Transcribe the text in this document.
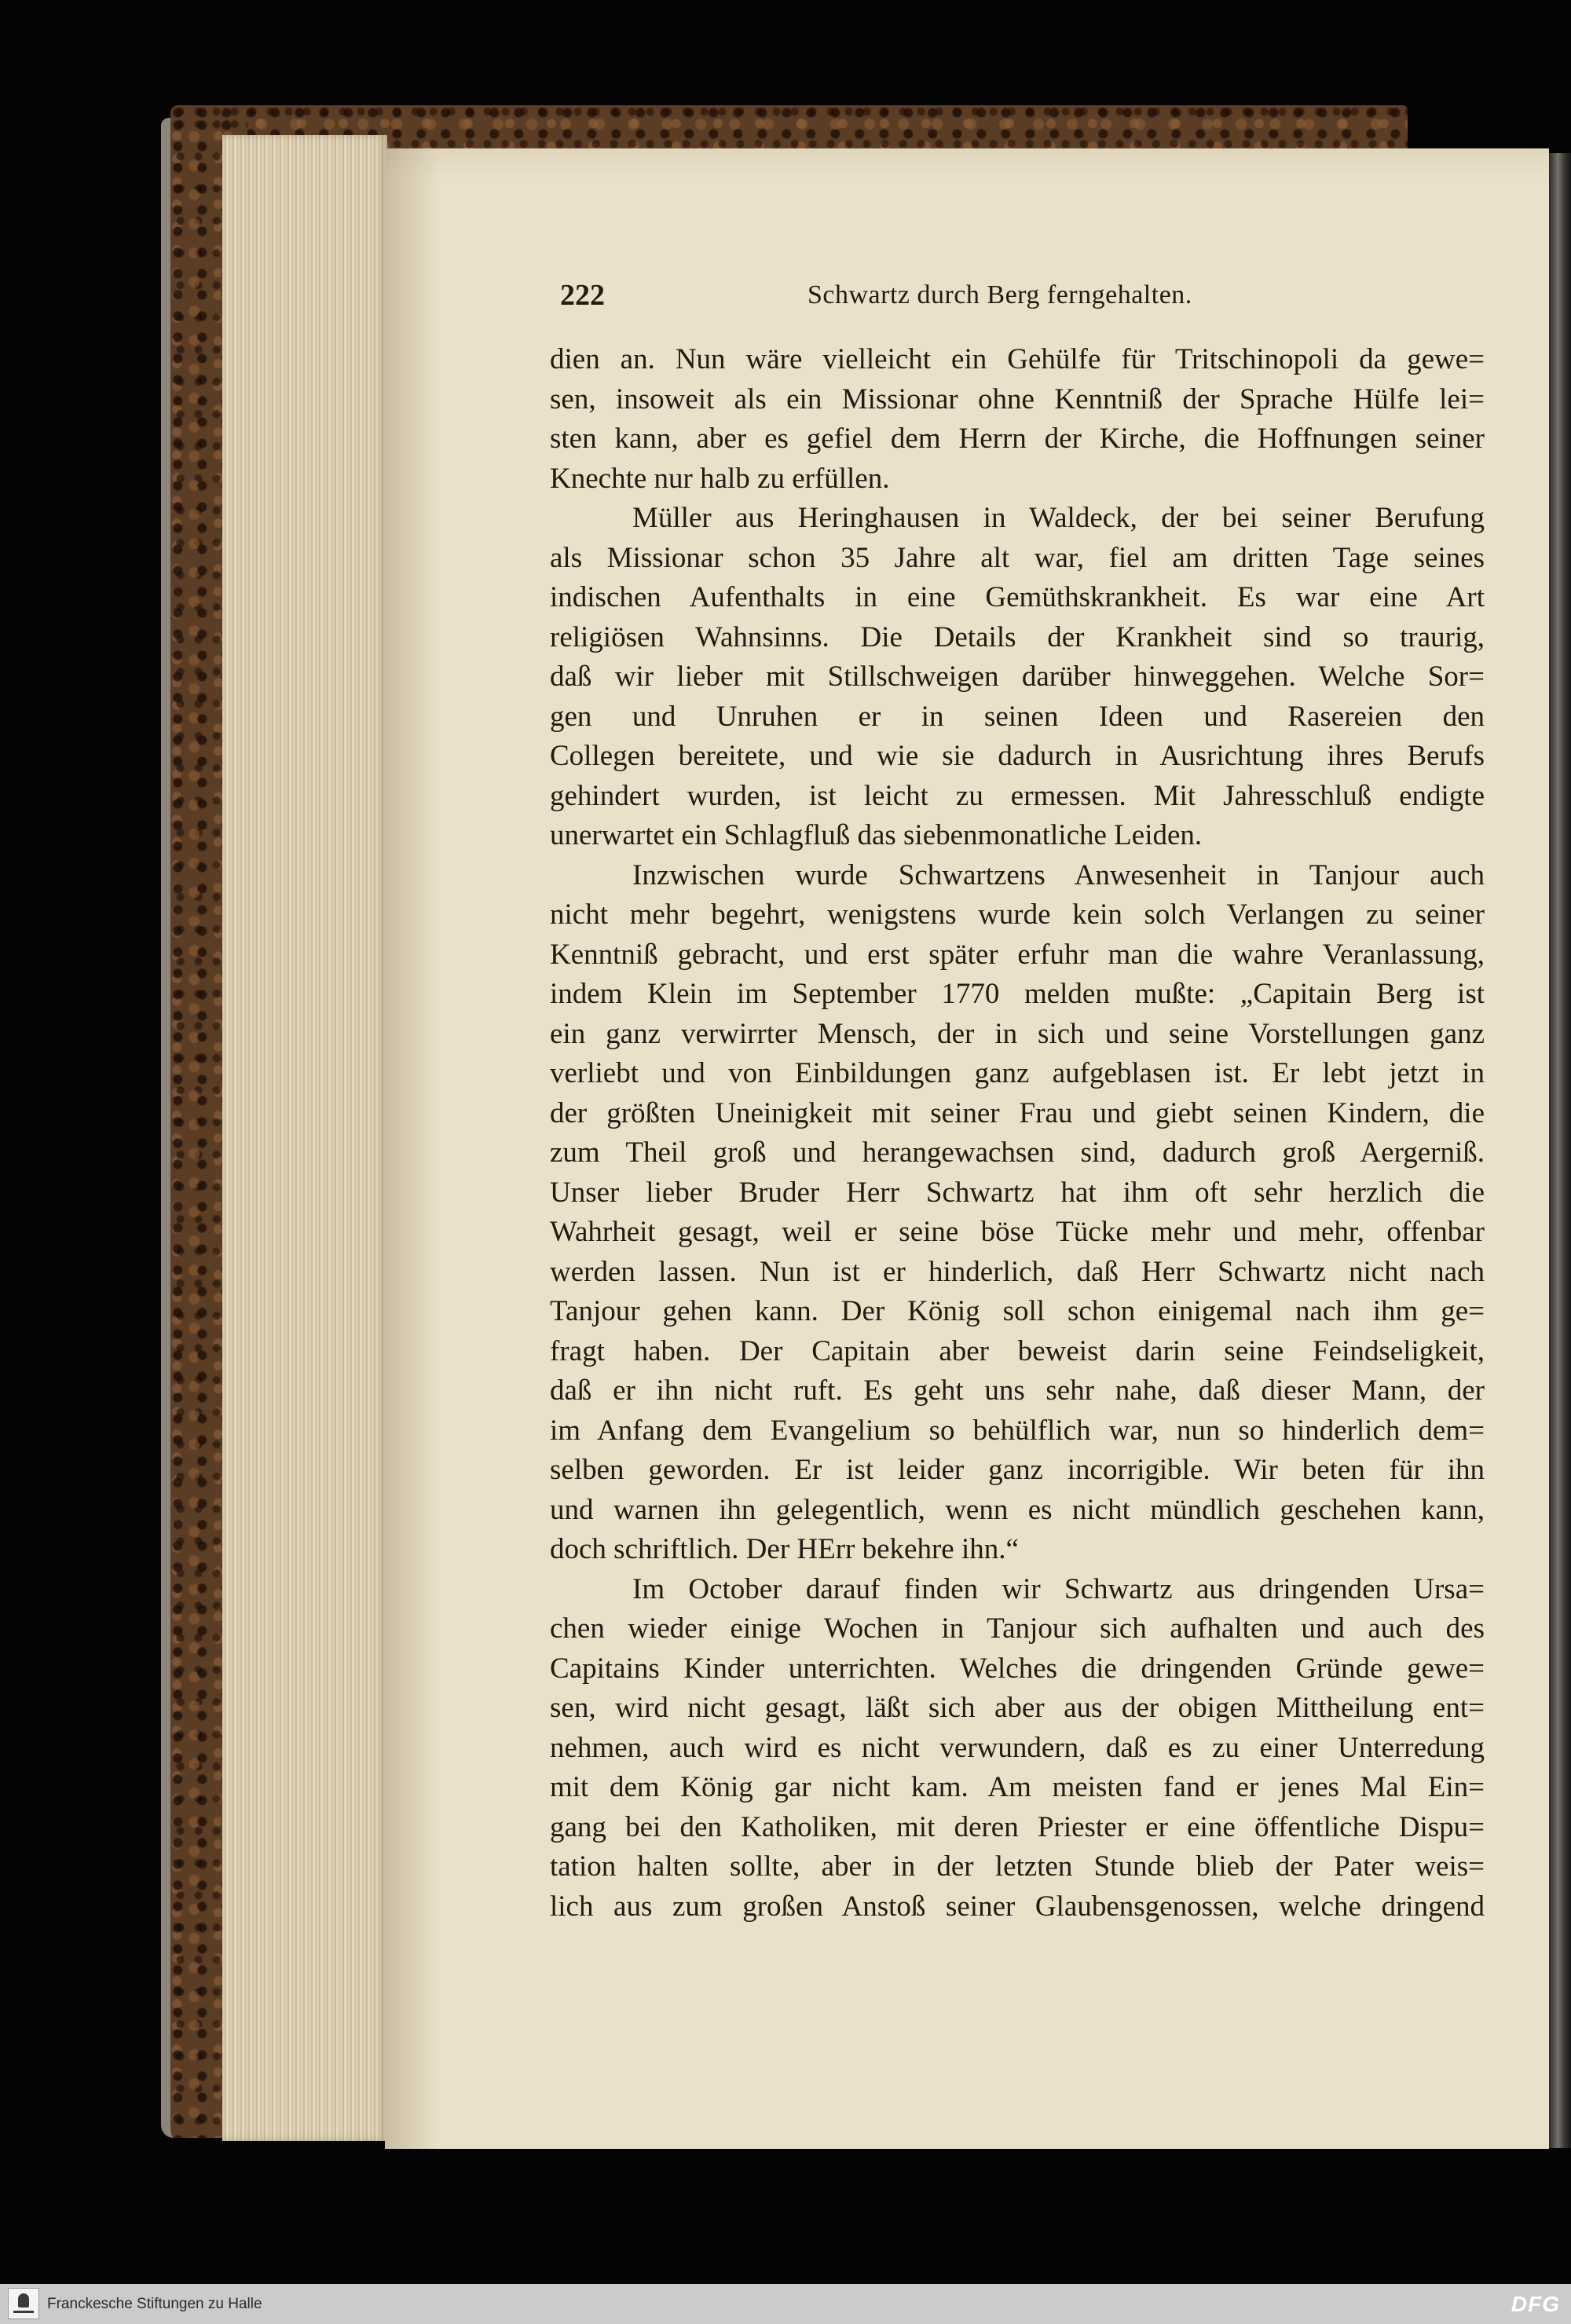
222	Schwartz durch Berg ferngehalten.
dien an. Nun wäre vielleicht ein Gehülfe für Tritschinopoli da gewe=
sen, insoweit als ein Missionar ohne Kenntniß der Sprache Hülfe lei=
sten kann, aber es gefiel dem Herrn der Kirche, die Hoffnungen seiner
Knechte nur halb zu erfüllen.
Müller aus Heringhausen in Waldeck, der bei seiner Berufung
als Missionar schon 35 Jahre alt war, fiel am dritten Tage seines
indischen Aufenthalts in eine Gemüthskrankheit. Es war eine Art
religiösen Wahnsinns. Die Details der Krankheit sind so traurig,
daß wir lieber mit Stillschweigen darüber hinweggehen. Welche Sor=
gen und Unruhen er in seinen Ideen und Rasereien den
Collegen bereitete, und wie sie dadurch in Ausrichtung ihres Berufs
gehindert wurden, ist leicht zu ermessen. Mit Jahresschluß endigte
unerwartet ein Schlagfluß das siebenmonatliche Leiden.
Inzwischen wurde Schwartzens Anwesenheit in Tanjour auch
nicht mehr begehrt, wenigstens wurde kein solch Verlangen zu seiner
Kenntniß gebracht, und erst später erfuhr man die wahre Veranlassung,
indem Klein im September 1770 melden mußte: „Capitain Berg ist
ein ganz verwirrter Mensch, der in sich und seine Vorstellungen ganz
verliebt und von Einbildungen ganz aufgeblasen ist. Er lebt jetzt in
der größten Uneinigkeit mit seiner Frau und giebt seinen Kindern, die
zum Theil groß und herangewachsen sind, dadurch groß Aergerniß.
Unser lieber Bruder Herr Schwartz hat ihm oft sehr herzlich die
Wahrheit gesagt, weil er seine böse Tücke mehr und mehr, offenbar
werden lassen. Nun ist er hinderlich, daß Herr Schwartz nicht nach
Tanjour gehen kann. Der König soll schon einigemal nach ihm ge=
fragt haben. Der Capitain aber beweist darin seine Feindseligkeit,
daß er ihn nicht ruft. Es geht uns sehr nahe, daß dieser Mann, der
im Anfang dem Evangelium so behülflich war, nun so hinderlich dem=
selben geworden. Er ist leider ganz incorrigible. Wir beten für ihn
und warnen ihn gelegentlich, wenn es nicht mündlich geschehen kann,
doch schriftlich. Der HErr bekehre ihn.“
Im October darauf finden wir Schwartz aus dringenden Ursa=
chen wieder einige Wochen in Tanjour sich aufhalten und auch des
Capitains Kinder unterrichten. Welches die dringenden Gründe gewe=
sen, wird nicht gesagt, läßt sich aber aus der obigen Mittheilung ent=
nehmen, auch wird es nicht verwundern, daß es zu einer Unterredung
mit dem König gar nicht kam. Am meisten fand er jenes Mal Ein=
gang bei den Katholiken, mit deren Priester er eine öffentliche Dispu=
tation halten sollte, aber in der letzten Stunde blieb der Pater weis=
lich aus zum großen Anstoß seiner Glaubensgenossen, welche dringend
Franckesche Stiftungen zu Halle	DFG
